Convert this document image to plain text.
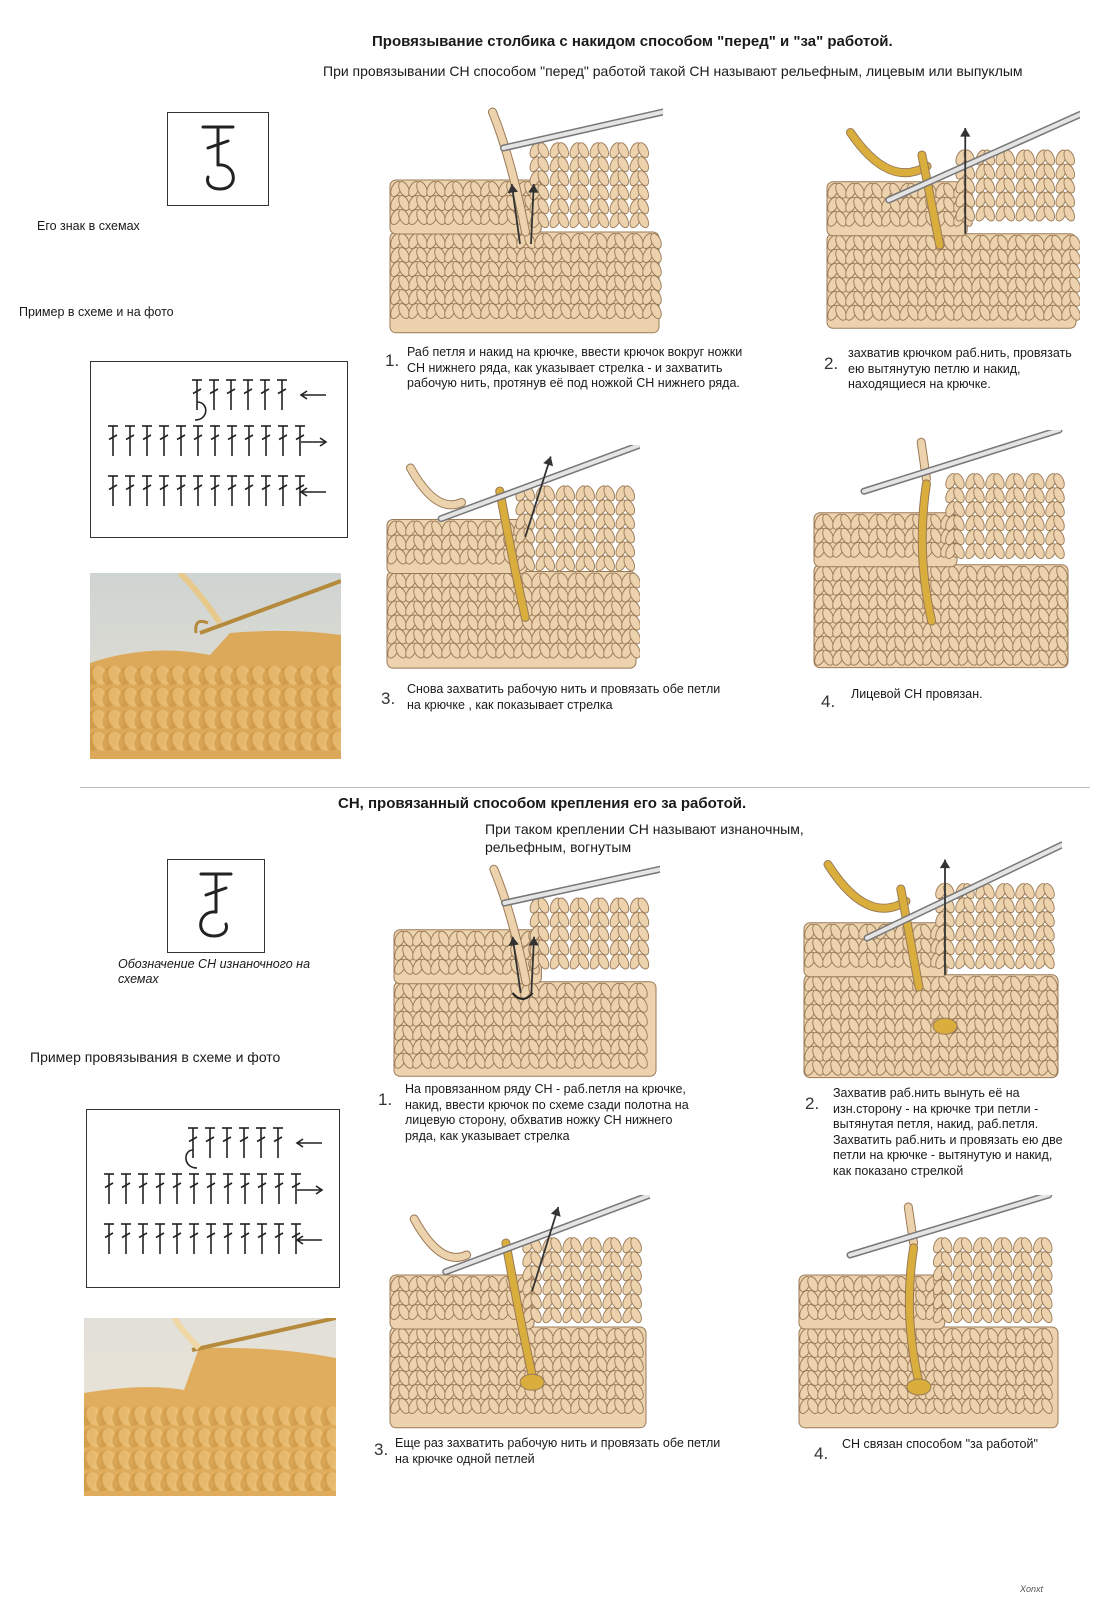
Провязывание столбика с накидом способом "перед" и "за" работой.
При провязывании СН способом "перед" работой такой СН называют рельефным, лицевым или выпуклым
Его знак в схемах
Пример в схеме и на фото
1. Раб петля и накид на крючке, ввести крючок вокруг ножки СН нижнего ряда, как указывает стрелка - и захватить рабочую нить, протянув её под ножкой СН нижнего ряда.
2.
захватив крючком раб.нить, провязать ею вытянутую петлю и накид, находящиеся на крючке.
3. Снова захватить рабочую нить и провязать обе петли на крючке , как показывает стрелка	4. Лицевой СН провязан.
СН, провязанный способом крепления его за работой.
При таком креплении СН называют изнаночным, рельефным, вогнутым
Обозначение СН изнаночного на схемах
Пример провязывания в схеме и фото
1.
На провязанном ряду СН - раб.петля на крючке, накид, ввести крючок по схеме сзади полотна на лицевую сторону, обхватив ножку СН нижнего ряда, как указывает стрелка
2.
Захватив раб.нить вынуть её на изн.сторону - на крючке три петли - вытянутая петля, накид, раб.петля. Захватить раб.нить и провязать ею две петли на крючке - вытянутую и накид, как показано стрелкой
3. Еще раз захватить рабочую нить и провязать обе петли на крючке одной петлей	4. СН связан способом "за работой"
Xonxt
